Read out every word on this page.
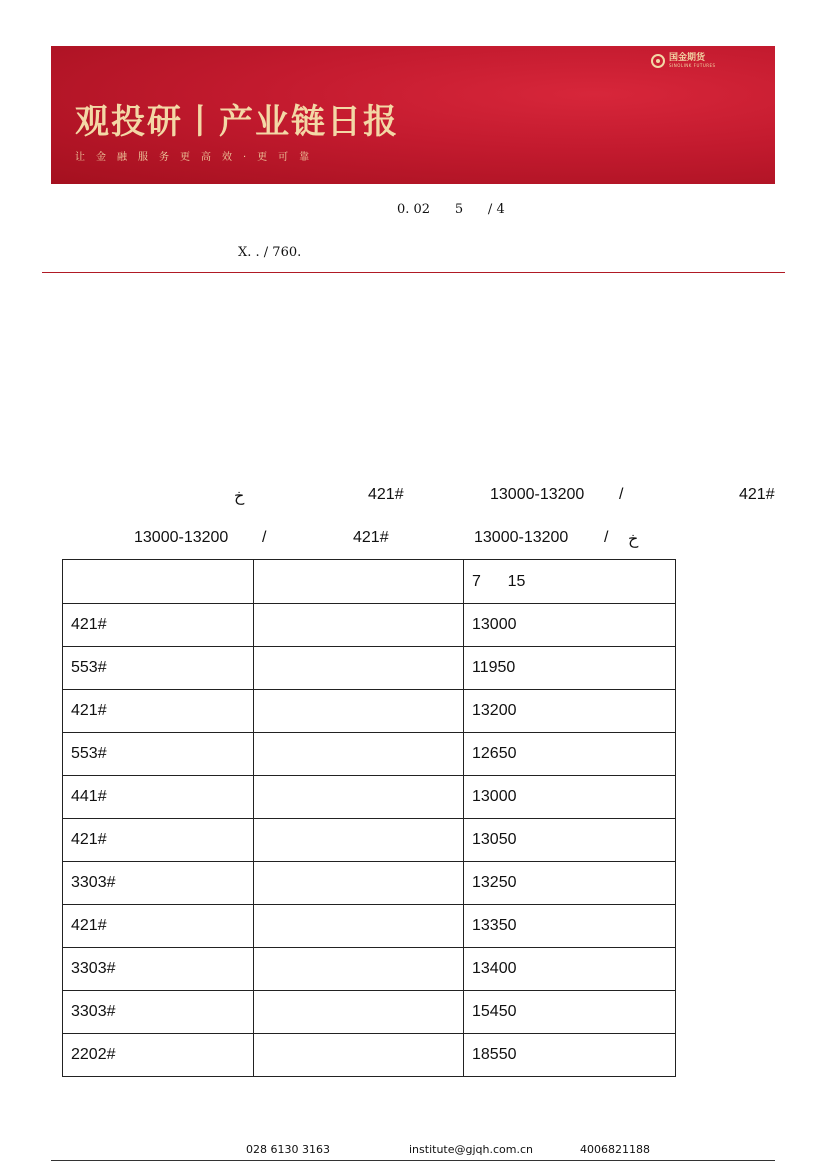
国金期货
SINOLINK FUTURES
观投研丨产业链日报
让金融服务更高效·更可靠
0. 02      5      / 4
X. . / 760.
خ	421#	13000-13200 /	421#
13000-13200 /	421#	13000-13200 / خ
		7      15
421#		13000
553#		11950
421#		13200
553#		12650
441#		13000
421#		13050
3303#		13250
421#		13350
3303#		13400
3303#		15450
2202#		18550
028 6130 3163	institute@gjqh.com.cn	4006821188
